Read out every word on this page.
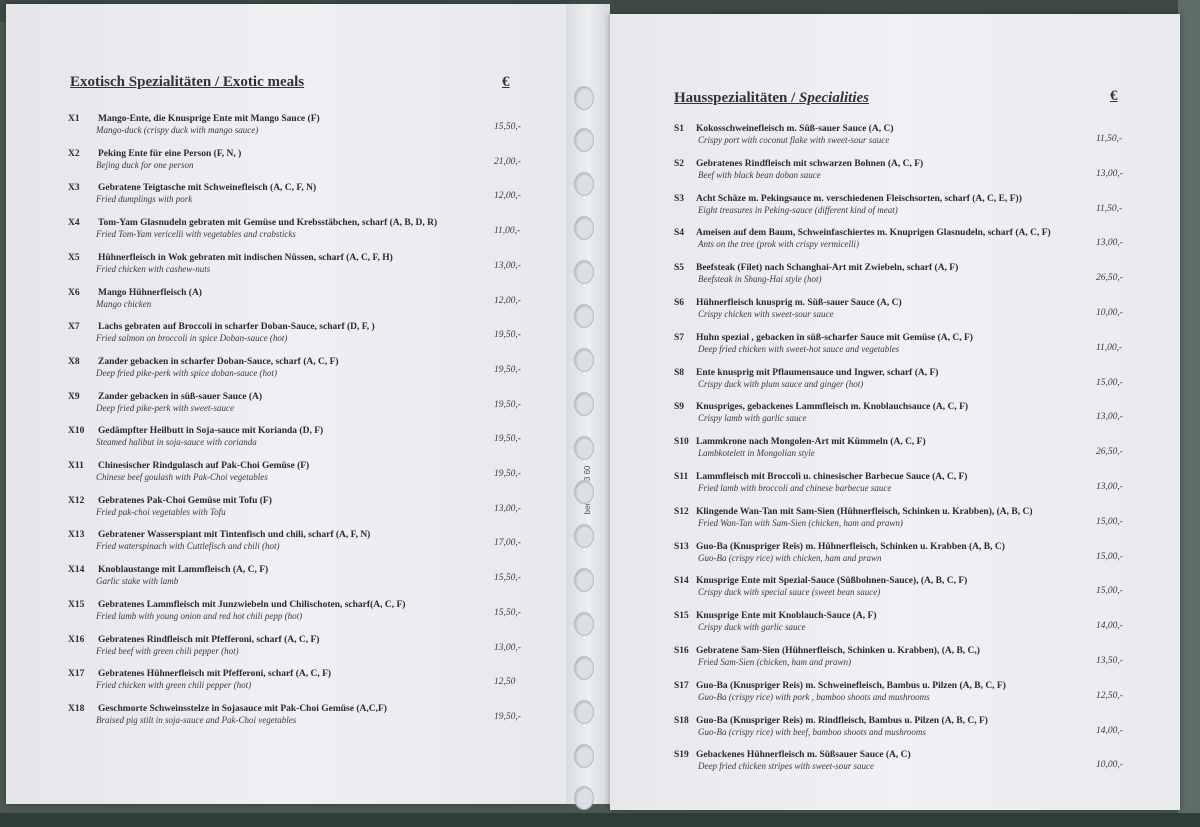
Exotisch Spezialitäten / Exotic meals	€
X1 Mango-Ente, die Knusprige Ente mit Mango Sauce (F)
Mango-duck (crispy duck with mango sauce)	15,50,-
X2 Peking Ente für eine Person (F, N, )
Bejing duck for one person	21,00,-
X3 Gebratene Teigtasche mit Schweinefleisch (A, C, F, N)
Fried dumplings with pork	12,00,-
X4 Tom-Yam Glasnudeln gebraten mit Gemüse und Krebsstäbchen, scharf (A, B, D, R)
Fried Tom-Yam vericelli with vegetables and crabsticks	11,00,-
X5 Hühnerfleisch in Wok gebraten mit indischen Nüssen, scharf (A, C, F, H)
Fried chicken with cashew-nuts	13,00,-
X6 Mango Hühnerfleisch (A)
Mango chicken	12,00,-
X7 Lachs gebraten auf Broccoli in scharfer Doban-Sauce, scharf (D, F, )
Fried salmon on broccoli in spice Doban-sauce (hot)	19,50,-
X8 Zander gebacken in scharfer Doban-Sauce, scharf (A, C, F)
Deep fried pike-perk with spice doban-sauce (hot)	19,50,-
X9 Zander gebacken in süß-sauer Sauce (A)
Deep fried pike-perk with sweet-sauce	19,50,-
X10 Gedämpfter Heilbutt in Soja-sauce mit Korianda (D, F)
Steamed halibut in soja-sauce with corianda	19,50,-
X11 Chinesischer Rindgulasch auf Pak-Choi Gemüse (F)
Chinese beef goulash with Pak-Choi vegetables	19,50,-
X12 Gebratenes Pak-Choi Gemüse mit Tofu (F)
Fried pak-choi vegetables with Tofu	13,00,-
X13 Gebratener Wasserspiant mit Tintenfisch und chili, scharf (A, F, N)
Fried waterspinach with Cuttlefisch and chili (hot)	17,00,-
X14 Knoblaustange mit Lammfleisch (A, C, F)
Garlic stake with lamb	15,50,-
X15 Gebratenes Lammfleisch mit Junzwiebeln und Chilischoten, scharf(A, C, F)
Fried lamb with young onion and red hot chili pepp (hot)	15,50,-
X16 Gebratenes Rindfleisch mit Pfefferoni, scharf (A, C, F)
Fried beef with green chili pepper (hot)	13,00,-
X17 Gebratenes Hühnerfleisch mit Pfefferoni, scharf (A, C, F)
Fried chicken with green chili pepper (hot)	12,50
X18 Geschmorte Schweinsstelze in Sojasauce mit Pak-Choi Gemüse (A,C,F)
Braised pig stilt in soja-sauce and Pak-Choi vegetables	19,50,-
Hausspezialitäten / Specialities	€
S1 Kokosschweinefleisch m. Süß-sauer Sauce (A, C)
Crispy port with coconut flake with sweet-sour sauce	11,50,-
S2 Gebratenes Rindfleisch mit schwarzen Bohnen (A, C, F)
Beef with black bean doban sauce	13,00,-
S3 Acht Schäze m. Pekingsauce m. verschiedenen Fleischsorten, scharf (A, C, E, F))
Eight treasures in Peking-sauce (different kind of meat)	11,50,-
S4 Ameisen auf dem Baum, Schweinfaschiertes m. Knuprigen Glasnudeln, scharf (A, C, F)
Ants on the tree (prok with crispy vermicelli)	13,00,-
S5 Beefsteak (Filet) nach Schanghai-Art mit Zwiebeln, scharf (A, F)
Beefsteak in Shang-Hai style (hot)	26,50,-
S6 Hühnerfleisch knusprig m. Süß-sauer Sauce (A, C)
Crispy chicken with sweet-sour sauce	10,00,-
S7 Huhn spezial , gebacken in süß-scharfer Sauce mit Gemüse (A, C, F)
Deep fried chicken with sweet-hot sauce and vegetables	11,00,-
S8 Ente knusprig mit Pflaumensauce und Ingwer, scharf (A, F)
Crispy duck with plum sauce and ginger (hot)	15,00,-
S9 Knuspriges, gebackenes Lammfleisch m. Knoblauchsauce (A, C, F)
Crispy lamb with garlic sauce	13,00,-
S10 Lammkrone nach Mongolen-Art mit Kümmeln (A, C, F)
Lambkotelett in Mongolian style	26,50,-
S11 Lammfleisch mit Broccoli u. chinesischer Barbecue Sauce (A, C, F)
Fried lamb with broccoli and chinese barbecue sauce	13,00,-
S12 Klingende Wan-Tan mit Sam-Sien (Hühnerfleisch, Schinken u. Krabben), (A, B, C)
Fried Wan-Tan with Sam-Sien (chicken, ham and prawn)	15,00,-
S13 Guo-Ba (Knuspriger Reis) m. Hühnerfleisch, Schinken u. Krabben (A, B, C)
Guo-Ba (crispy rice) with chicken, ham and prawn	15,00,-
S14 Knusprige Ente mit Spezial-Sauce (Süßbohnen-Sauce), (A, B, C, F)
Crispy duck with special sauce (sweet bean sauce)	15,00,-
S15 Knusprige Ente mit Knoblauch-Sauce (A, F)
Crispy duck with garlic sauce	14,00,-
S16 Gebratene Sam-Sien (Hühnerfleisch, Schinken u. Krabben), (A, B, C,)
Fried Sam-Sien (chicken, ham and prawn)	13,50,-
S17 Guo-Ba (Knuspriger Reis) m. Schweinefleisch, Bambus u. Pilzen (A, B, C, F)
Guo-Ba (crispy rice) with pork , bamboo shoots and mushrooms	12,50,-
S18 Guo-Ba (Knuspriger Reis) m. Rindfleisch, Bambus u. Pilzen (A, B, C, F)
Guo-Ba (crispy rice) with beef, bamboo shoots and mushrooms	14,00,-
S19 Gebackenes Hühnerfleisch m. Süßsauer Sauce (A, C)
Deep fried chicken stripes with sweet-sour sauce	10,00,-
